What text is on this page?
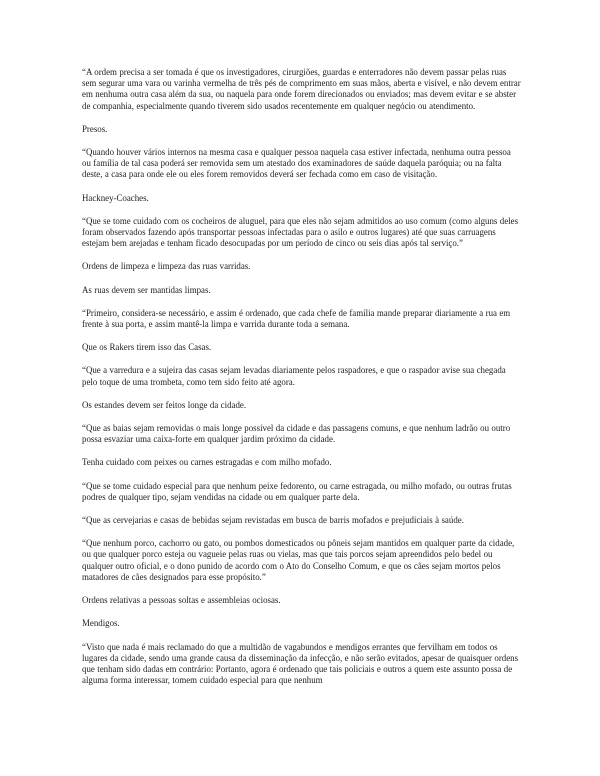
“A ordem precisa a ser tomada é que os investigadores, cirurgiões, guardas e enterradores não devem passar pelas ruas sem segurar uma vara ou varinha vermelha de três pés de comprimento em suas mãos, aberta e visível, e não devem entrar em nenhuma outra casa além da sua, ou naquela para onde forem direcionados ou enviados; mas devem evitar e se abster de companhia, especialmente quando tiverem sido usados recentemente em qualquer negócio ou atendimento.

Presos.

“Quando houver vários internos na mesma casa e qualquer pessoa naquela casa estiver infectada, nenhuma outra pessoa ou família de tal casa poderá ser removida sem um atestado dos examinadores de saúde daquela paróquia; ou na falta deste, a casa para onde ele ou eles forem removidos deverá ser fechada como em caso de visitação.

Hackney-Coaches.

“Que se tome cuidado com os cocheiros de aluguel, para que eles não sejam admitidos ao uso comum (como alguns deles foram observados fazendo após transportar pessoas infectadas para o asilo e outros lugares) até que suas carruagens estejam bem arejadas e tenham ficado desocupadas por um período de cinco ou seis dias após tal serviço.”

Ordens de limpeza e limpeza das ruas varridas.

As ruas devem ser mantidas limpas.

“Primeiro, considera-se necessário, e assim é ordenado, que cada chefe de família mande preparar diariamente a rua em frente à sua porta, e assim mantê-la limpa e varrida durante toda a semana.

Que os Rakers tirem isso das Casas.

“Que a varredura e a sujeira das casas sejam levadas diariamente pelos raspadores, e que o raspador avise sua chegada pelo toque de uma trombeta, como tem sido feito até agora.

Os estandes devem ser feitos longe da cidade.

“Que as baias sejam removidas o mais longe possível da cidade e das passagens comuns, e que nenhum ladrão ou outro possa esvaziar uma caixa-forte em qualquer jardim próximo da cidade.

Tenha cuidado com peixes ou carnes estragadas e com milho mofado.

“Que se tome cuidado especial para que nenhum peixe fedorento, ou carne estragada, ou milho mofado, ou outras frutas podres de qualquer tipo, sejam vendidas na cidade ou em qualquer parte dela.

“Que as cervejarias e casas de bebidas sejam revistadas em busca de barris mofados e prejudiciais à saúde.

“Que nenhum porco, cachorro ou gato, ou pombos domesticados ou pôneis sejam mantidos em qualquer parte da cidade, ou que qualquer porco esteja ou vagueie pelas ruas ou vielas, mas que tais porcos sejam apreendidos pelo bedel ou qualquer outro oficial, e o dono punido de acordo com o Ato do Conselho Comum, e que os cães sejam mortos pelos matadores de cães designados para esse propósito.”

Ordens relativas a pessoas soltas e assembleias ociosas.

Mendigos.

“Visto que nada é mais reclamado do que a multidão de vagabundos e mendigos errantes que fervilham em todos os lugares da cidade, sendo uma grande causa da disseminação da infecção, e não serão evitados, apesar de quaisquer ordens que tenham sido dadas em contrário: Portanto, agora é ordenado que tais policiais e outros a quem este assunto possa de alguma forma interessar, tomem cuidado especial para que nenhum
